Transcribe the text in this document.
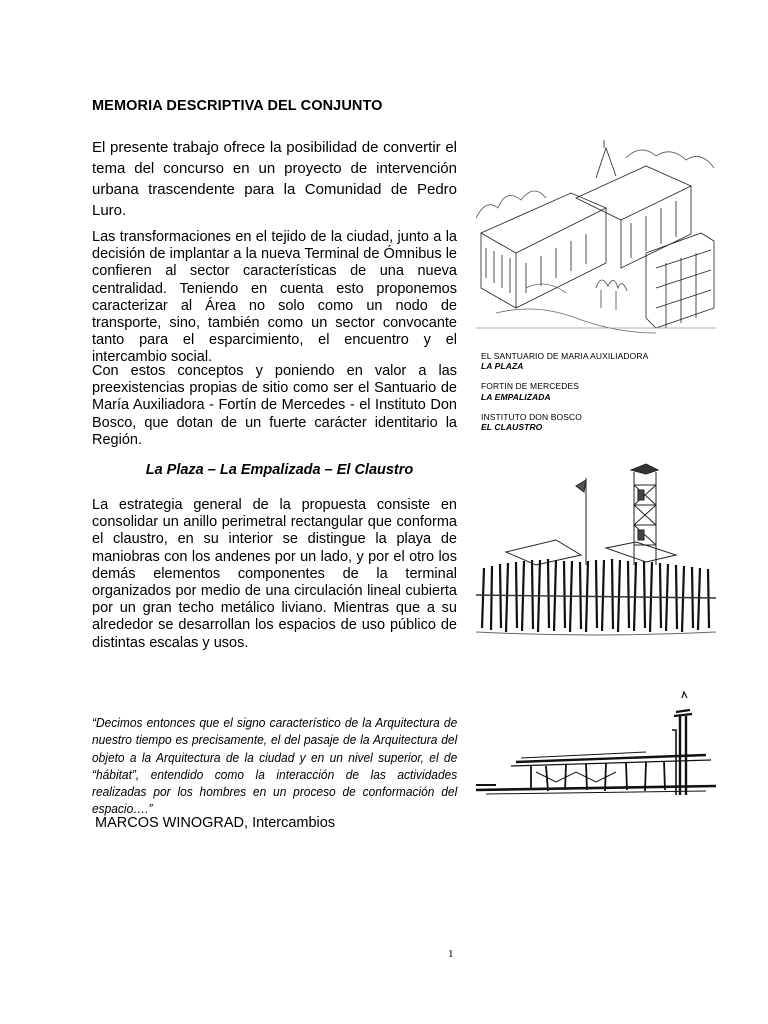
MEMORIA DESCRIPTIVA DEL CONJUNTO

El presente trabajo ofrece la posibilidad de convertir el tema del concurso en un proyecto de intervención urbana trascendente para la Comunidad de Pedro Luro.

Las transformaciones en el tejido de la ciudad, junto a la decisión de implantar a la nueva Terminal de Ómnibus le confieren al sector características de una nueva centralidad. Teniendo en cuenta esto proponemos caracterizar al Área no solo como un nodo de transporte, sino, también como un sector convocante tanto para el esparcimiento, el encuentro y el intercambio social.

Con estos conceptos y poniendo en valor a las preexistencias propias de sitio como ser el Santuario de María Auxiliadora - Fortín de Mercedes - el Instituto Don Bosco, que dotan de un fuerte carácter identitario la Región.

La Plaza – La Empalizada – El Claustro

La estrategia general de la propuesta consiste en consolidar un anillo perimetral rectangular que conforma el claustro, en su interior se distingue la playa de maniobras con los andenes por un lado, y por el otro los demás elementos componentes de la terminal organizados por medio de una circulación lineal cubierta por un gran techo metálico liviano. Mientras que a su alrededor se desarrollan los espacios de uso público de distintas escalas y usos.

“Decimos entonces que el signo característico de la Arquitectura de nuestro tiempo es precisamente, el del pasaje de la Arquitectura del objeto a la Arquitectura de la ciudad y en un nivel superior, el de “hábitat”, entendido como la interacción de las actividades realizadas por los hombres en un proceso de conformación del espacio….”

MARCOS WINOGRAD, Intercambios
EL SANTUARIO DE MARIA AUXILIADORA
LA PLAZA
FORTIN DE MERCEDES
LA EMPALIZADA
INSTITUTO DON BOSCO
EL CLAUSTRO
1
